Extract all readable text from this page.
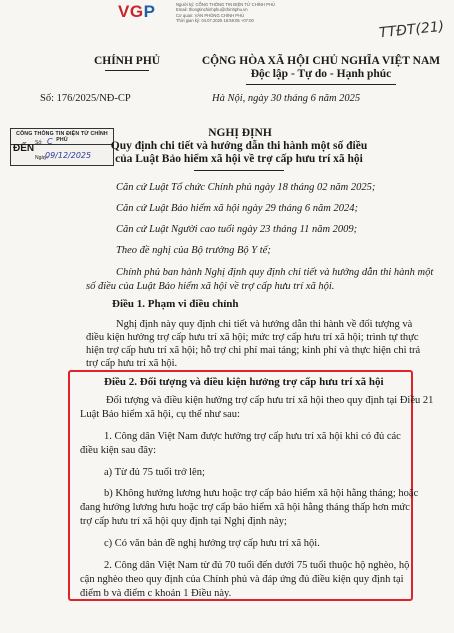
VGP	Người ký: CỔNG THÔNG TIN ĐIỆN TỬ CHÍNH PHỦ
Email: thongtinchinhphu@chinhphu.vn
Cơ quan: VĂN PHÒNG CHÍNH PHỦ
Thời gian ký: 04.07.2025 16:58:05 +07:00	TTĐT(21)
CHÍNH PHỦ	CỘNG HÒA XÃ HỘI CHỦ NGHĨA VIỆT NAM
Độc lập - Tự do - Hạnh phúc
Số: 176/2025/NĐ-CP	Hà Nội, ngày 30 tháng 6 năm 2025
CÔNG THÔNG TIN ĐIỆN TỬ CHÍNH PHỦ
ĐẾN Số: C
Ngày:
09/12/2025
NGHỊ ĐỊNH
Quy định chi tiết và hướng dẫn thi hành một số điều
của Luật Bảo hiểm xã hội về trợ cấp hưu trí xã hội
Căn cứ Luật Tổ chức Chính phủ ngày 18 tháng 02 năm 2025;
Căn cứ Luật Bảo hiểm xã hội ngày 29 tháng 6 năm 2024;
Căn cứ Luật Người cao tuổi ngày 23 tháng 11 năm 2009;
Theo đề nghị của Bộ trưởng Bộ Y tế;
Chính phủ ban hành Nghị định quy định chi tiết và hướng dẫn thi hành một số điều của Luật Bảo hiểm xã hội về trợ cấp hưu trí xã hội.
Điều 1. Phạm vi điều chỉnh
Nghị định này quy định chi tiết và hướng dẫn thi hành về đối tượng và
điều kiện hưởng trợ cấp hưu trí xã hội; mức trợ cấp hưu trí xã hội; trình tự thực
hiện trợ cấp hưu trí xã hội; hỗ trợ chi phí mai táng; kinh phí và thực hiện chi trả
trợ cấp hưu trí xã hội.
Điều 2. Đối tượng và điều kiện hưởng trợ cấp hưu trí xã hội
Đối tượng và điều kiện hưởng trợ cấp hưu trí xã hội theo quy định tại Điều 21
Luật Bảo hiểm xã hội, cụ thể như sau:
1. Công dân Việt Nam được hưởng trợ cấp hưu trí xã hội khi có đủ các
điều kiện sau đây:
a) Từ đủ 75 tuổi trở lên;
b) Không hưởng lương hưu hoặc trợ cấp bảo hiểm xã hội hằng tháng; hoặc
đang hưởng lương hưu hoặc trợ cấp bảo hiểm xã hội hằng tháng thấp hơn mức
trợ cấp hưu trí xã hội quy định tại Nghị định này;
c) Có văn bản đề nghị hưởng trợ cấp hưu trí xã hội.
2. Công dân Việt Nam từ đủ 70 tuổi đến dưới 75 tuổi thuộc hộ nghèo, hộ
cận nghèo theo quy định của Chính phủ và đáp ứng đủ điều kiện quy định tại
điểm b và điểm c khoản 1 Điều này.
